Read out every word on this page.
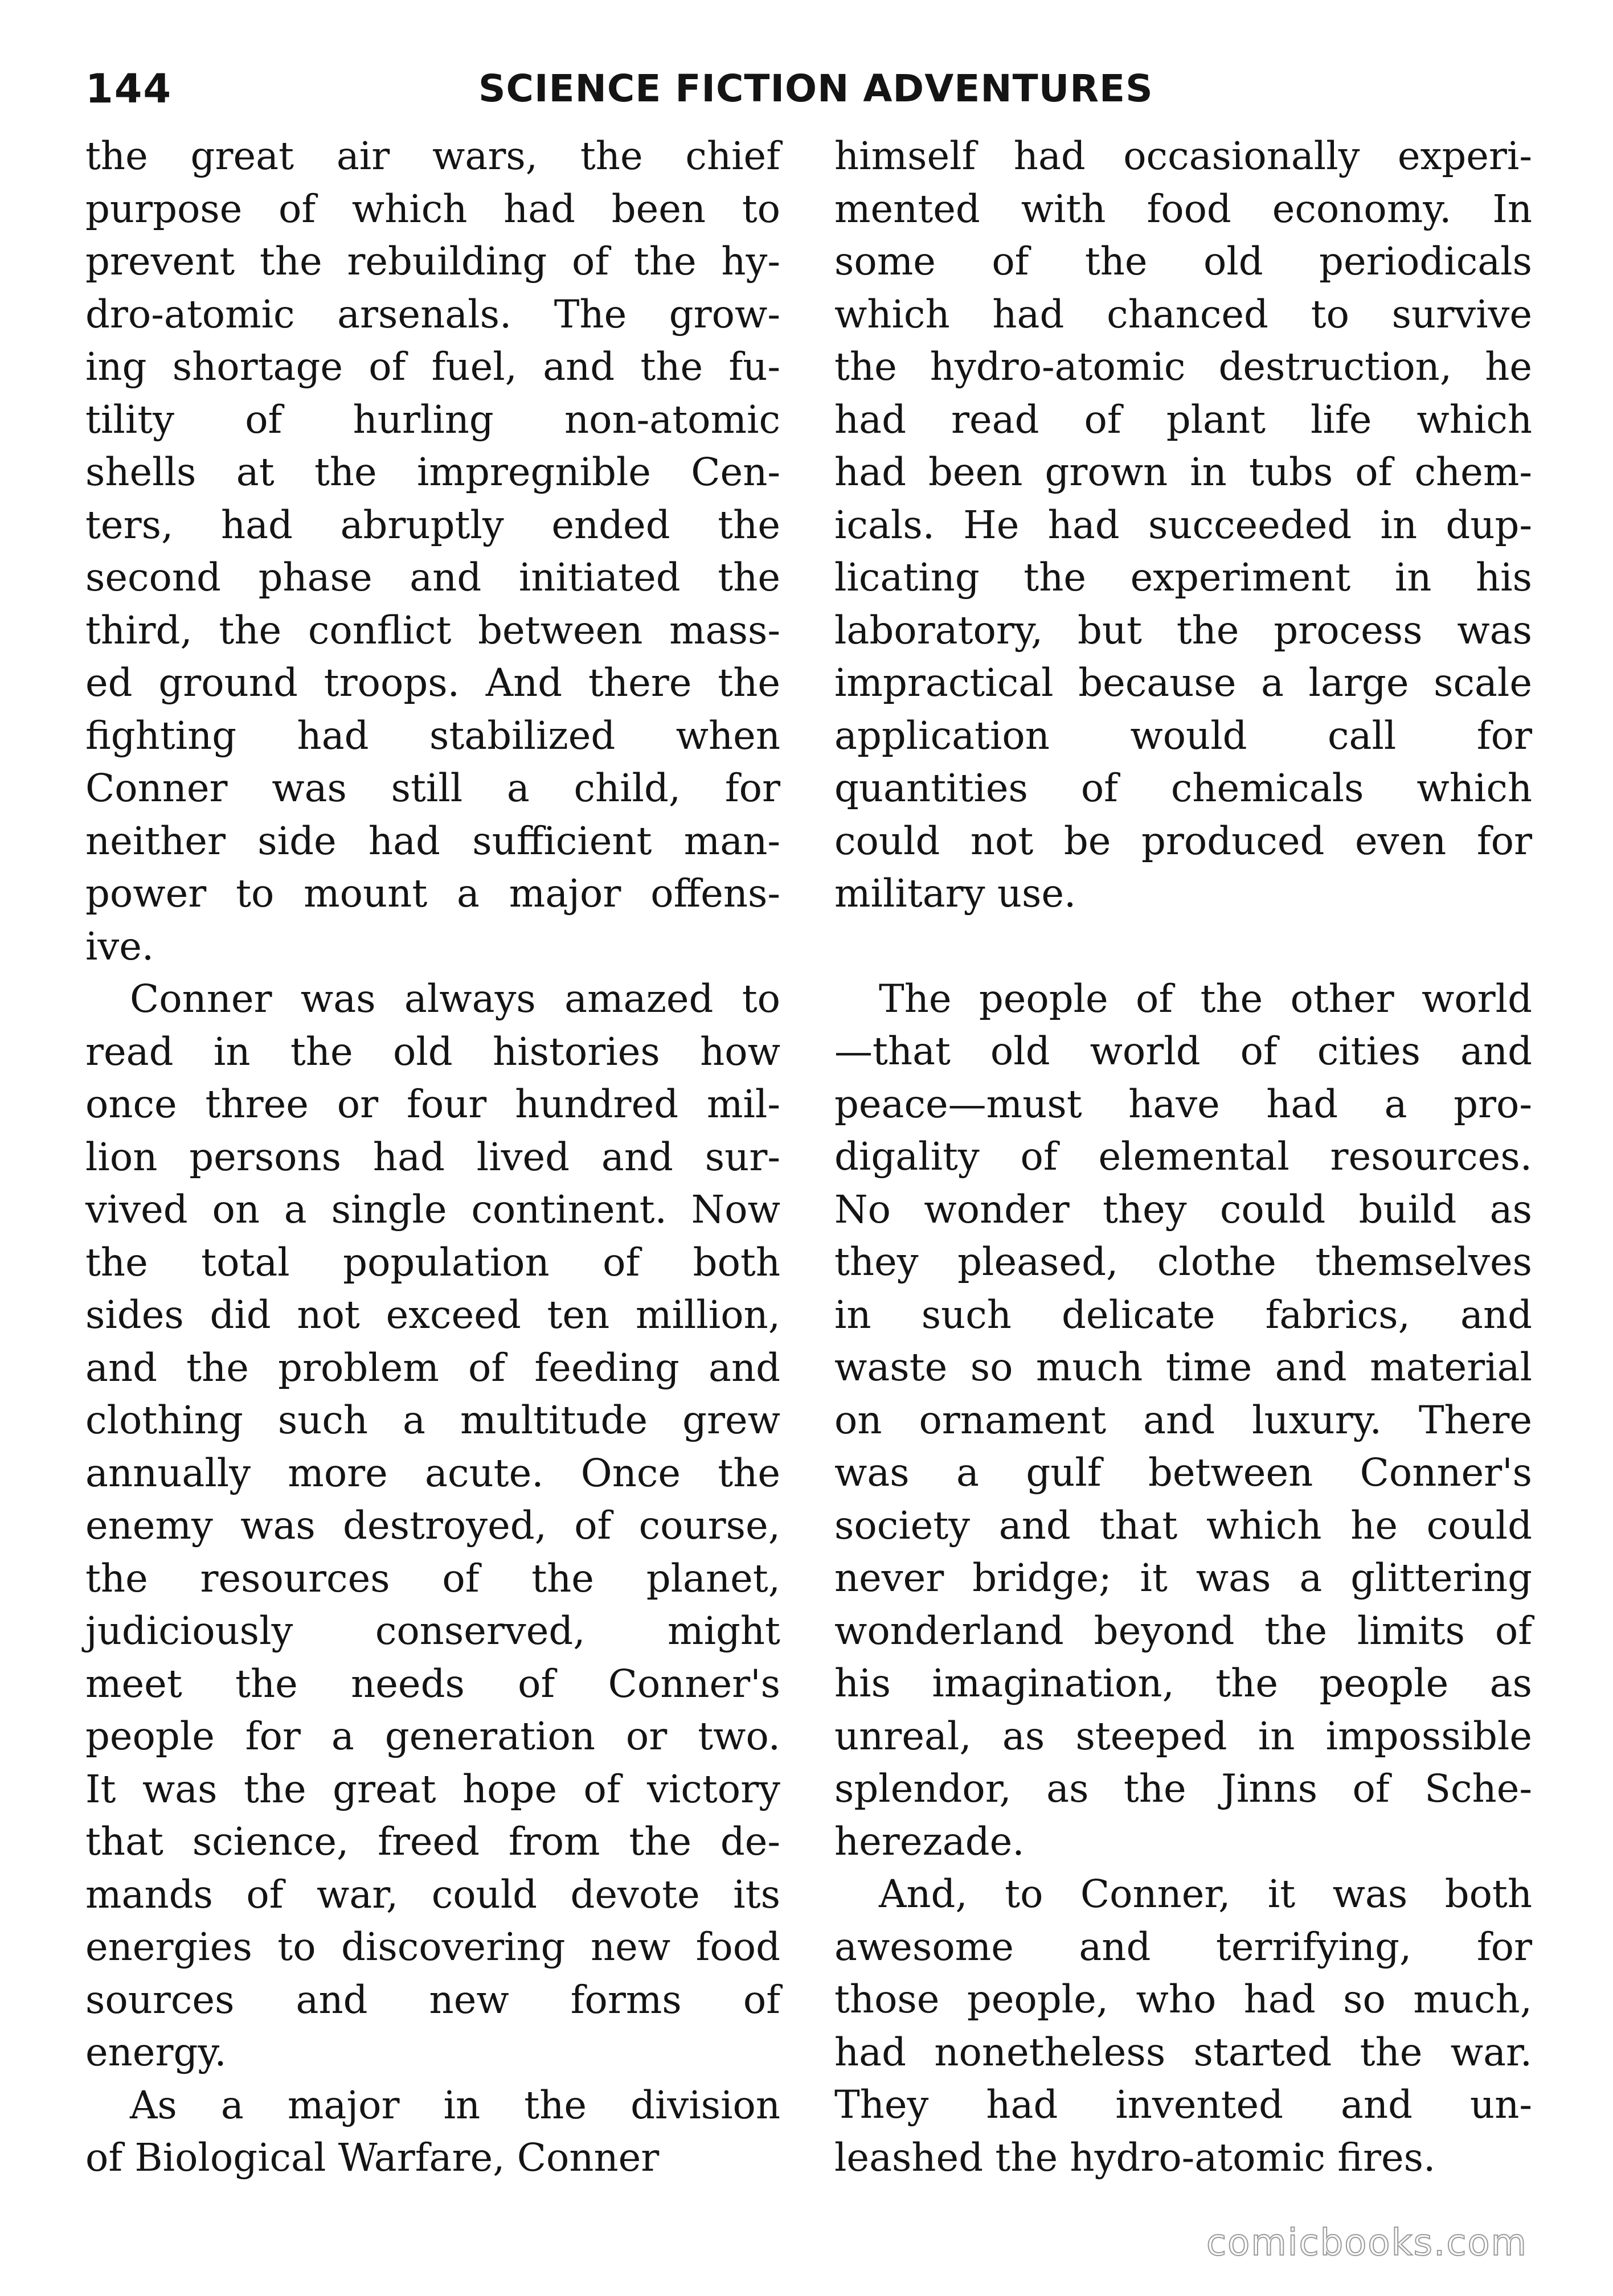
144	SCIENCE FICTION ADVENTURES

the great air wars, the chief
purpose of which had been to
prevent the rebuilding of the hy-
dro-atomic arsenals. The grow-
ing shortage of fuel, and the fu-
tility of hurling non-atomic
shells at the impregnible Cen-
ters, had abruptly ended the
second phase and initiated the
third, the conflict between mass-
ed ground troops. And there the
fighting had stabilized when
Conner was still a child, for
neither side had sufficient man-
power to mount a major offens-
ive.

Conner was always amazed to
read in the old histories how
once three or four hundred mil-
lion persons had lived and sur-
vived on a single continent. Now
the total population of both
sides did not exceed ten million,
and the problem of feeding and
clothing such a multitude grew
annually more acute. Once the
enemy was destroyed, of course,
the resources of the planet,
judiciously conserved, might
meet the needs of Conner's
people for a generation or two.
It was the great hope of victory
that science, freed from the de-
mands of war, could devote its
energies to discovering new food
sources and new forms of
energy.

As a major in the division
of Biological Warfare, Conner

himself had occasionally experi-
mented with food economy. In
some of the old periodicals
which had chanced to survive
the hydro-atomic destruction, he
had read of plant life which
had been grown in tubs of chem-
icals. He had succeeded in dup-
licating the experiment in his
laboratory, but the process was
impractical because a large scale
application would call for
quantities of chemicals which
could not be produced even for
military use.

The people of the other world
—that old world of cities and
peace—must have had a pro-
digality of elemental resources.
No wonder they could build as
they pleased, clothe themselves
in such delicate fabrics, and
waste so much time and material
on ornament and luxury. There
was a gulf between Conner's
society and that which he could
never bridge; it was a glittering
wonderland beyond the limits of
his imagination, the people as
unreal, as steeped in impossible
splendor, as the Jinns of Sche-
herezade.

And, to Conner, it was both
awesome and terrifying, for
those people, who had so much,
had nonetheless started the war.
They had invented and un-
leashed the hydro-atomic fires.

comicbooks.com
